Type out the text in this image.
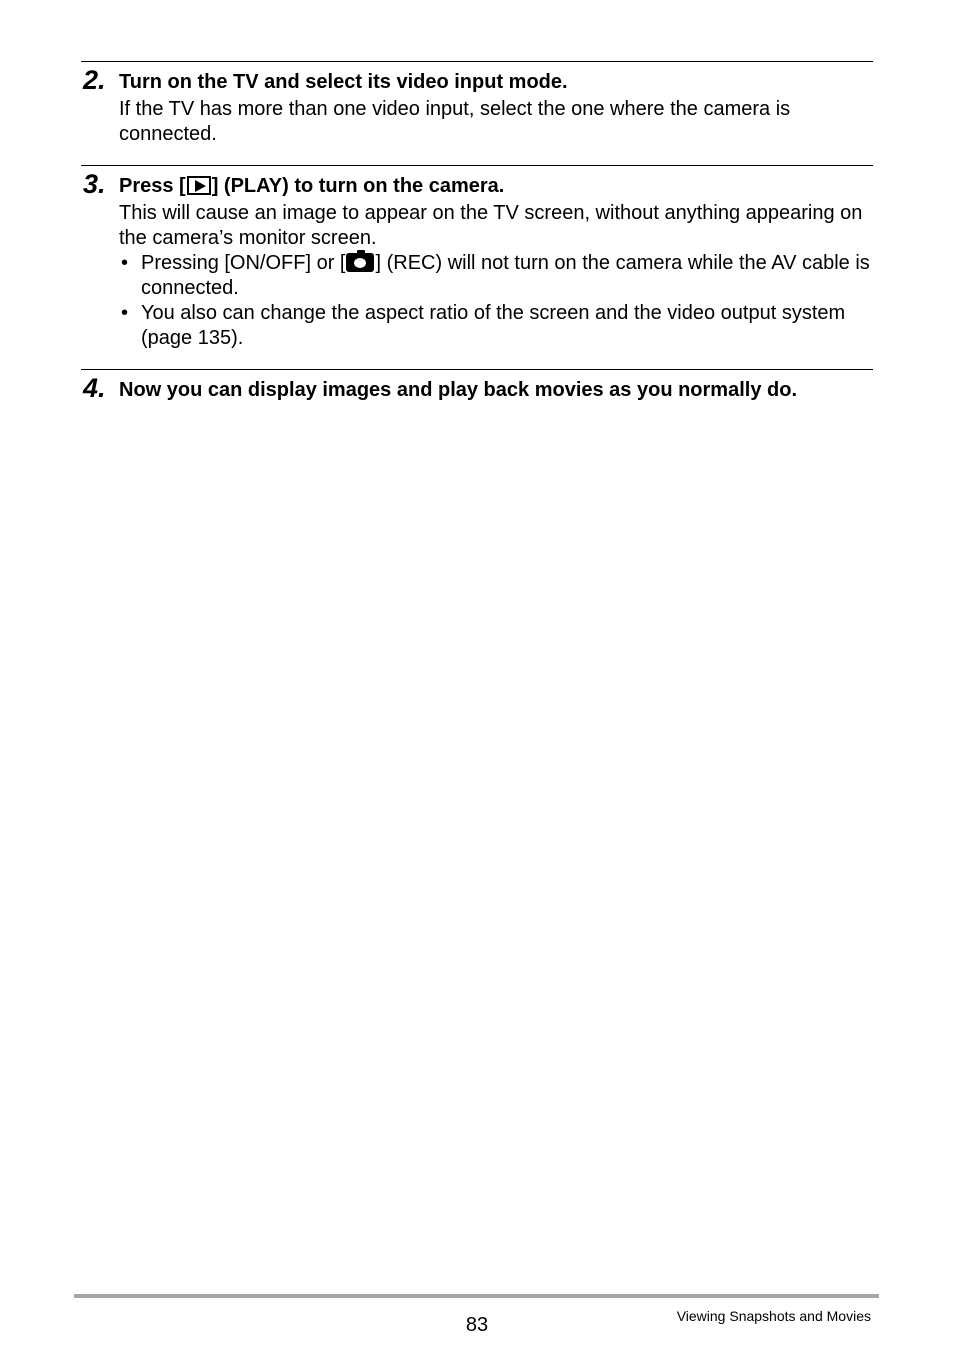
2. Turn on the TV and select its video input mode.
If the TV has more than one video input, select the one where the camera is connected.
3. Press [ ] (PLAY) to turn on the camera.
This will cause an image to appear on the TV screen, without anything appearing on the camera’s monitor screen.
• Pressing [ON/OFF] or [ ] (REC) will not turn on the camera while the AV cable is connected.
• You also can change the aspect ratio of the screen and the video output system (page 135).
4. Now you can display images and play back movies as you normally do.
83	Viewing Snapshots and Movies
